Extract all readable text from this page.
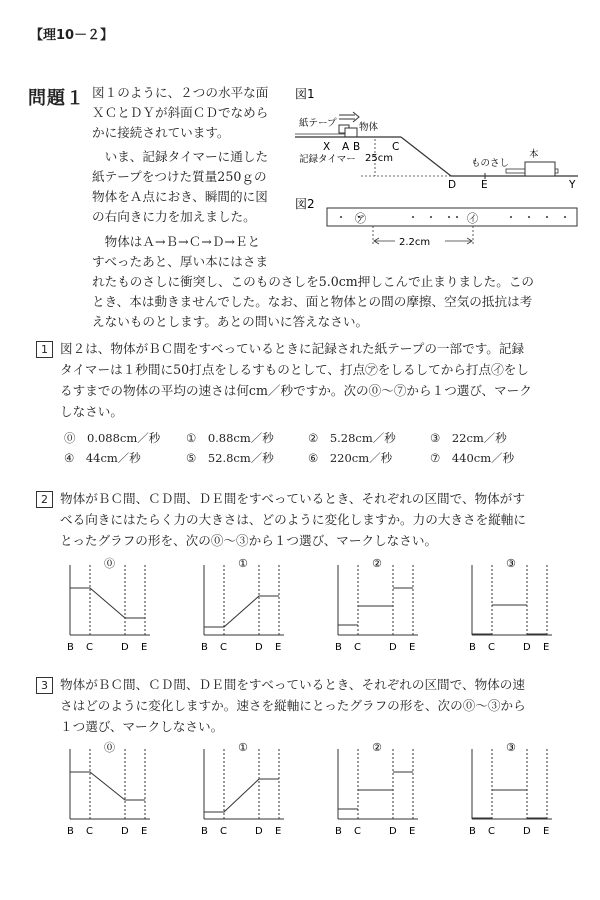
【理10－２】
問題１ 図１のように、２つの水平な面
ＸＣとＤＹが斜面ＣＤでなめら
かに接続されています。
　いま、記録タイマーに通した
紙テープをつけた質量250ｇの
物体をＡ点におき、瞬間的に図
の右向きに力を加えました。
　物体はＡ→Ｂ→Ｃ→Ｄ→Ｅと
すべったあと、厚い本にはさま
れたものさしに衝突し、このものさしを5.0cm押しこんで止まりました。この
とき、本は動きませんでした。なお、面と物体との間の摩擦、空気の抵抗は考
えないものとします。あとの問いに答えなさい。
図1
紙テープ 物体
X A B	C
D E	Y
25cm
記録タイマー	ものさし
本
図2
㋐	㋑
2.2cm
1 図２は、物体がＢＣ間をすべっているときに記録された紙テープの一部です。記録
タイマーは１秒間に50打点をしるすものとして、打点㋐をしるしてから打点㋑をし
るすまでの物体の平均の速さは何cm／秒ですか。次の⓪～⑦から１つ選び、マーク
しなさい。
⓪　 0.088cm／秒 ①　 0.88cm／秒	②　 5.28cm／秒	③　 22cm／秒
④　 44cm／秒	⑤　 52.8cm／秒	⑥　 220cm／秒	⑦　 440cm／秒
2 物体がＢＣ間、ＣＤ間、ＤＥ間をすべっているとき、それぞれの区間で、物体がす
べる向きにはたらく力の大きさは、どのように変化しますか。力の大きさを縦軸に
とったグラフの形を、次の⓪～③から１つ選び、マークしなさい。
⓪	①	②	③
B C	D E	B C	D E	B C	D E	B C	D E
3 物体がＢＣ間、ＣＤ間、ＤＥ間をすべっているとき、それぞれの区間で、物体の速
さはどのように変化しますか。速さを縦軸にとったグラフの形を、次の⓪～③から
１つ選び、マークしなさい。
⓪	①	②	③
B C	D E	B C	D E	B C	D E	B C	D E
